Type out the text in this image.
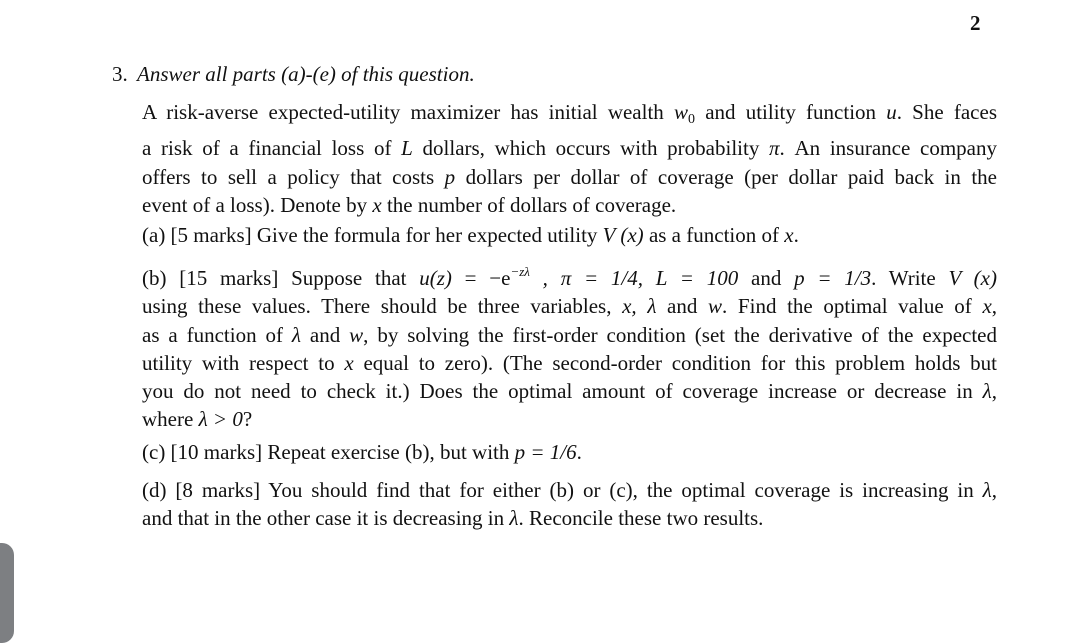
2
3. Answer all parts (a)-(e) of this question.
A risk-averse expected-utility maximizer has initial wealth $w_0$ and utility function u. She faces
a risk of a financial loss of L dollars, which occurs with probability π. An insurance company
offers to sell a policy that costs p dollars per dollar of coverage (per dollar paid back in the
event of a loss). Denote by x the number of dollars of coverage.
(a) [5 marks] Give the formula for her expected utility V (x) as a function of x.
(b) [15 marks] Suppose that $u(z) = -e^{-z\lambda}$ , π = 1/4, L = 100 and p = 1/3. Write V (x)
using these values. There should be three variables, x, λ and w. Find the optimal value of x,
as a function of λ and w, by solving the first-order condition (set the derivative of the expected
utility with respect to x equal to zero). (The second-order condition for this problem holds but
you do not need to check it.) Does the optimal amount of coverage increase or decrease in λ,
where λ > 0?
(c) [10 marks] Repeat exercise (b), but with p = 1/6.
(d) [8 marks] You should find that for either (b) or (c), the optimal coverage is increasing in λ,
and that in the other case it is decreasing in λ. Reconcile these two results.
